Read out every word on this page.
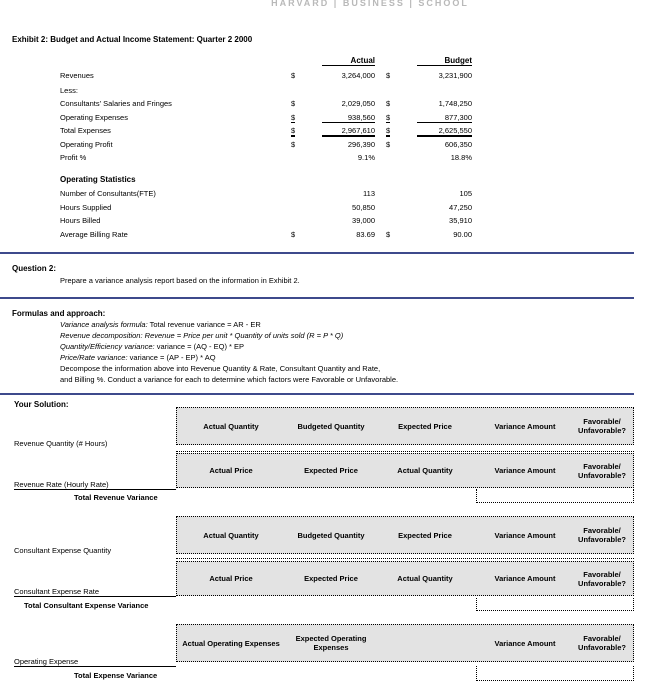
HARVARD | BUSINESS | SCHOOL
Exhibit 2: Budget and Actual Income Statement: Quarter 2 2000
Actual	Budget
Revenues	$	3,264,000 $	3,231,900
Less:
Consultants' Salaries and Fringes	$	2,029,050 $	1,748,250
Operating Expenses	$	938,560 $	877,300
Total Expenses	$	2,967,610 $	2,625,550
Operating Profit	$	296,390 $	606,350
Profit %	9.1%	18.8%
Operating Statistics
Number of Consultants(FTE)	113	105
Hours Supplied	50,850	47,250
Hours Billed	39,000	35,910
Average Billing Rate	$	83.69 $	90.00
Question 2:
Prepare a variance analysis report based on the information in Exhibit 2.
Formulas and approach:
Variance analysis formula: Total revenue variance = AR - ER
Revenue decomposition: Revenue = Price per unit * Quantity of units sold (R = P * Q)
Quantity/Efficiency variance: variance = (AQ - EQ) * EP
Price/Rate variance: variance = (AP - EP) * AQ
Decompose the information above into Revenue Quantity & Rate, Consultant Quantity and Rate,
and Billing %. Conduct a variance for each to determine which factors were Favorable or Unfavorable.
Your Solution:
Actual Quantity	Budgeted Quantity	Expected Price	Variance Amount	Favorable/ Unfavorable?
Revenue Quantity (# Hours)
Actual Price	Expected Price	Actual Quantity	Variance Amount	Favorable/ Unfavorable?
Revenue Rate (Hourly Rate)
Total Revenue Variance
Actual Quantity	Budgeted Quantity	Expected Price	Variance Amount	Favorable/ Unfavorable?
Consultant Expense Quantity
Actual Price	Expected Price	Actual Quantity	Variance Amount	Favorable/ Unfavorable?
Consultant Expense Rate
Total Consultant Expense Variance
Actual Operating Expenses	Expected Operating Expenses	Variance Amount	Favorable/ Unfavorable?
Operating Expense
Total Expense Variance
